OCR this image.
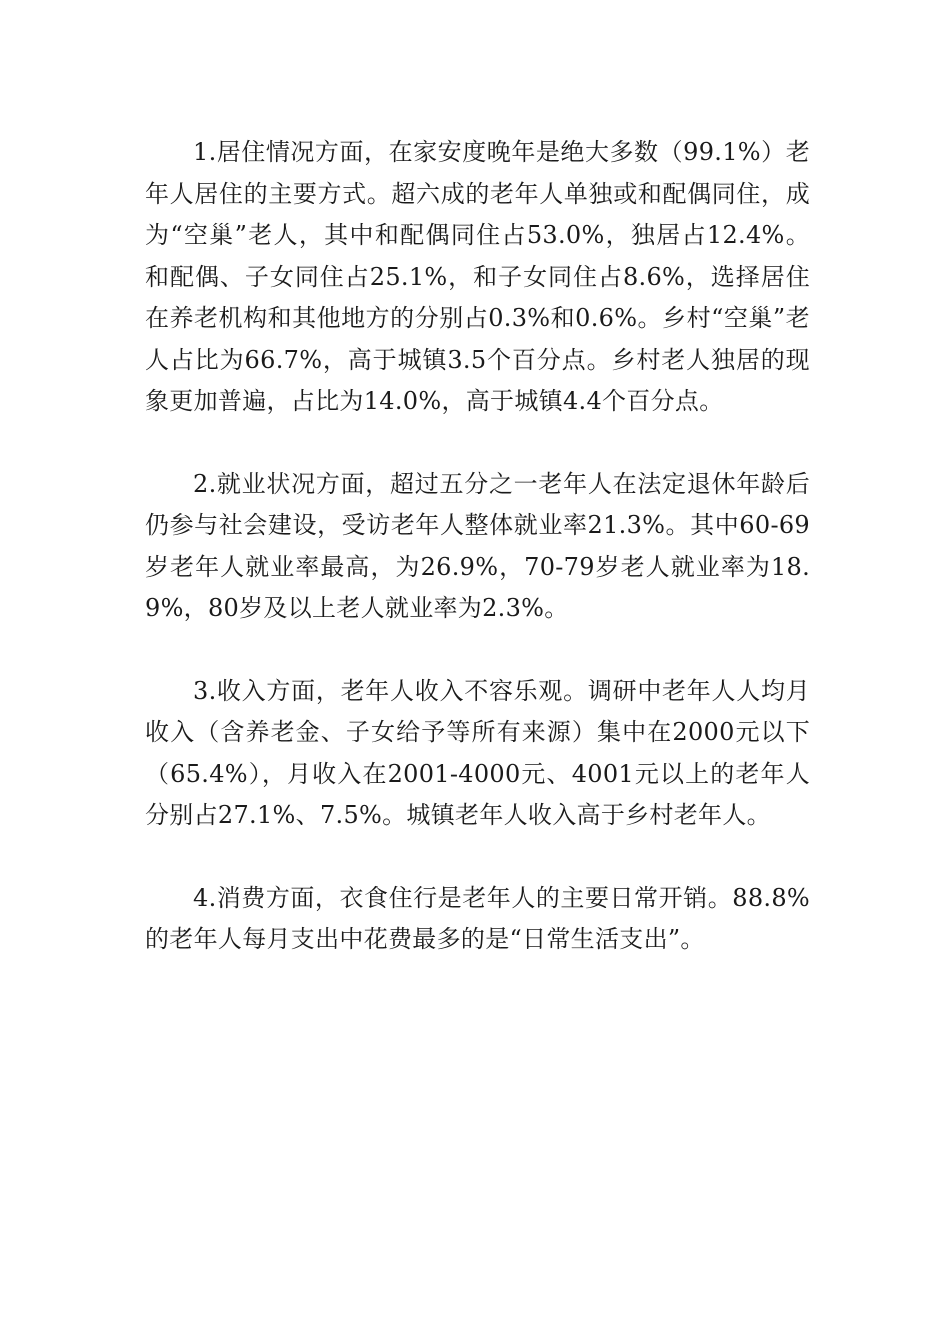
1.居住情况方面，在家安度晚年是绝大多数（99.1%）老年人居住的主要方式。超六成的老年人单独或和配偶同住，成为“空巢”老人，其中和配偶同住占53.0%，独居占12.4%。和配偶、子女同住占25.1%，和子女同住占8.6%，选择居住在养老机构和其他地方的分别占0.3%和0.6%。乡村“空巢”老人占比为66.7%，高于城镇3.5个百分点。乡村老人独居的现象更加普遍，占比为14.0%，高于城镇4.4个百分点。

2.就业状况方面，超过五分之一老年人在法定退休年龄后仍参与社会建设，受访老年人整体就业率21.3%。其中60-69岁老年人就业率最高，为26.9%，70-79岁老人就业率为18.9%，80岁及以上老人就业率为2.3%。

3.收入方面，老年人收入不容乐观。调研中老年人人均月收入（含养老金、子女给予等所有来源）集中在2000元以下（65.4%），月收入在2001-4000元、4001元以上的老年人分别占27.1%、7.5%。城镇老年人收入高于乡村老年人。

4.消费方面，衣食住行是老年人的主要日常开销。88.8%的老年人每月支出中花费最多的是“日常生活支出”。
